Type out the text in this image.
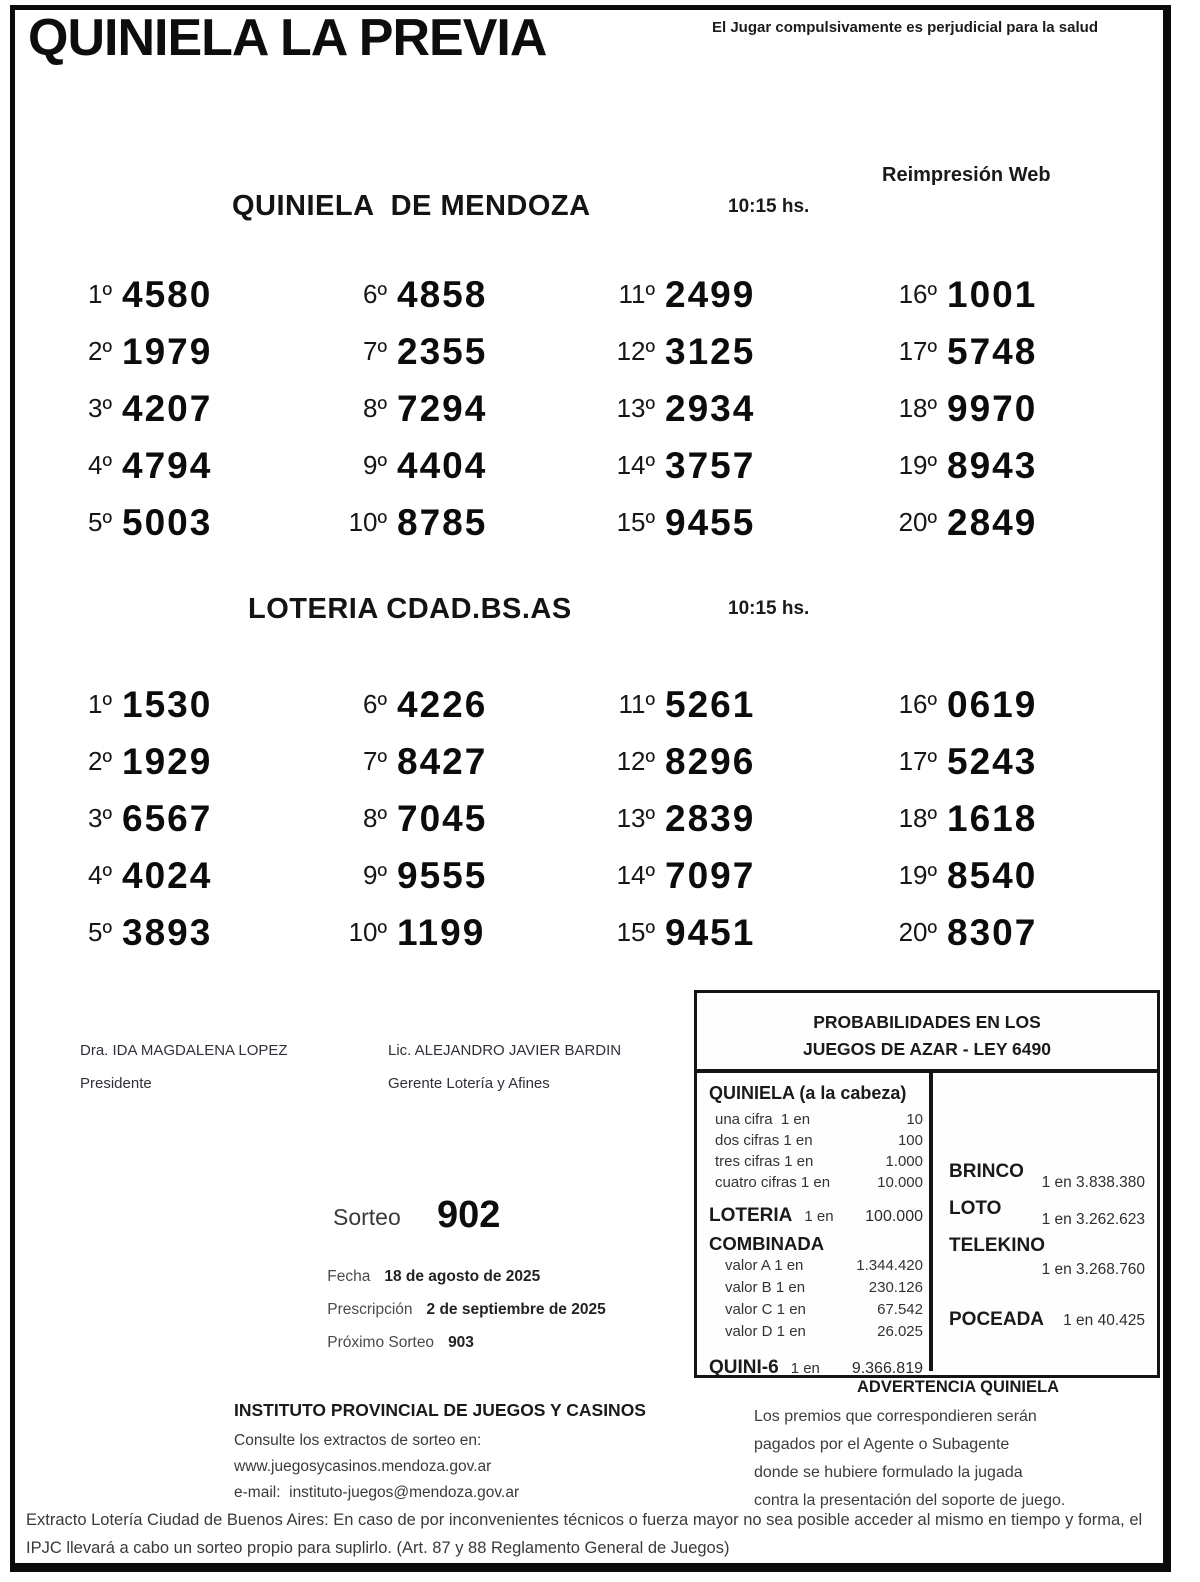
QUINIELA LA PREVIA	El Jugar compulsivamente es perjudicial para la salud
Reimpresión Web
QUINIELA  DE MENDOZA	10:15 hs.
1º 4580
2º 1979
3º 4207
4º 4794
5º 5003
6º 4858
7º 2355
8º 7294
9º 4404
10º 8785
11º 2499
12º 3125
13º 2934
14º 3757
15º 9455
16º 1001
17º 5748
18º 9970
19º 8943
20º 2849
LOTERIA CDAD.BS.AS	10:15 hs.
1º 1530
2º 1929
3º 6567
4º 4024
5º 3893
6º 4226
7º 8427
8º 7045
9º 9555
10º 1199
11º 5261
12º 8296
13º 2839
14º 7097
15º 9451
16º 0619
17º 5243
18º 1618
19º 8540
20º 8307
Dra. IDA MAGDALENA LOPEZ
Presidente
Lic. ALEJANDRO JAVIER BARDIN
Gerente Lotería y Afines
Sorteo 902

Fecha 18 de agosto de 2025

Prescripción 2 de septiembre de 2025

Próximo Sorteo 903

PROBABILIDADES EN LOS
JUEGOS DE AZAR - LEY 6490
QUINIELA (a la cabeza)
una cifra  1 en	10
dos cifras 1 en	100
tres cifras 1 en	1.000
cuatro cifras 1 en	10.000
LOTERIA 1 en 100.000
COMBINADA
valor A 1 en	1.344.420
valor B 1 en	230.126
valor C 1 en	67.542
valor D 1 en	26.025
QUINI-6 1 en 9.366.819
BRINCO
1 en 3.838.380
LOTO
1 en 3.262.623
TELEKINO
1 en 3.268.760
POCEADA 1 en 40.425
ADVERTENCIA QUINIELA
Los premios que correspondieren serán
pagados por el Agente o Subagente
donde se hubiere formulado la jugada
contra la presentación del soporte de juego.
INSTITUTO PROVINCIAL DE JUEGOS Y CASINOS
Consulte los extractos de sorteo en:
www.juegosycasinos.mendoza.gov.ar
e-mail:  instituto-juegos@mendoza.gov.ar
Extracto Lotería Ciudad de Buenos Aires: En caso de por inconvenientes técnicos o fuerza mayor no sea posible acceder al mismo en tiempo y forma, el IPJC llevará a cabo un sorteo propio para suplirlo. (Art. 87 y 88 Reglamento General de Juegos)
